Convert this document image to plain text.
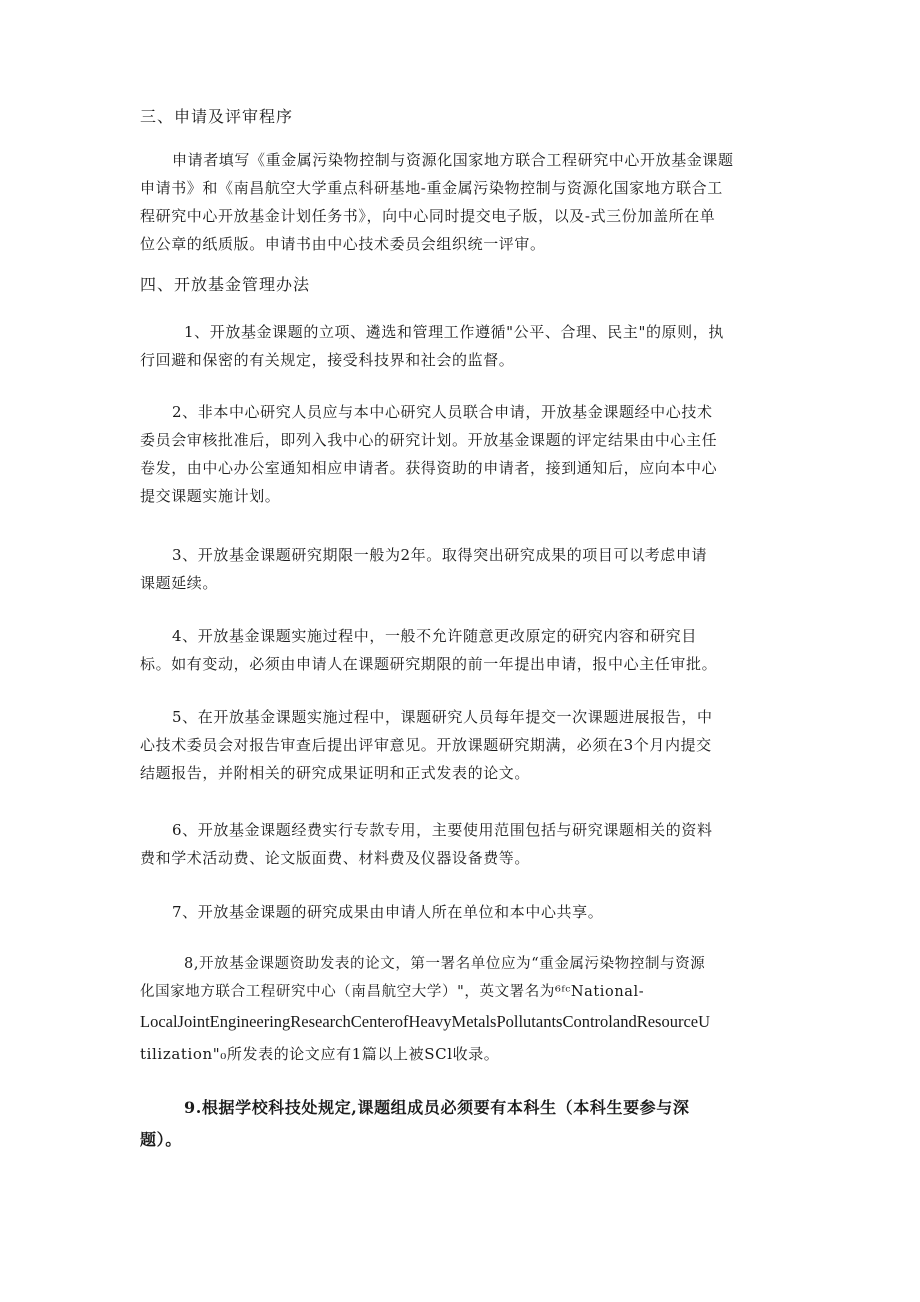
三、申请及评审程序

申请者填写《重金属污染物控制与资源化国家地方联合工程研究中心开放基金课题
申请书》和《南昌航空大学重点科研基地-重金属污染物控制与资源化国家地方联合工
程研究中心开放基金计划任务书》，向中心同时提交电子版，以及-式三份加盖所在单
位公章的纸质版。申请书由中心技术委员会组织统一评审。

四、开放基金管理办法

1、开放基金课题的立项、遴选和管理工作遵循"公平、合理、民主"的原则，执
行回避和保密的有关规定，接受科技界和社会的监督。

2、非本中心研究人员应与本中心研究人员联合申请，开放基金课题经中心技术
委员会审核批准后，即列入我中心的研究计划。开放基金课题的评定结果由中心主任
卷发，由中心办公室通知相应申请者。获得资助的申请者，接到通知后，应向本中心
提交课题实施计划。

3、开放基金课题研究期限一般为2年。取得突出研究成果的项目可以考虑申请
课题延续。

4、开放基金课题实施过程中，一般不允许随意更改原定的研究内容和研究目
标。如有变动，必须由申请人在课题研究期限的前一年提出申请，报中心主任审批。

5、在开放基金课题实施过程中，课题研究人员每年提交一次课题进展报告，中
心技术委员会对报告审查后提出评审意见。开放课题研究期满，必须在3个月内提交
结题报告，并附相关的研究成果证明和正式发表的论文。

6、开放基金课题经费实行专款专用，主要使用范围包括与研究课题相关的资料
费和学术活动费、论文版面费、材料费及仪器设备费等。

7、开放基金课题的研究成果由申请人所在单位和本中心共享。

8,开放基金课题资助发表的论文，第一署名单位应为“重金属污染物控制与资源
化国家地方联合工程研究中心（南昌航空大学）"，英文署名为⁶ᶠᶜNational-
LocalJointEngineeringResearchCenterofHeavyMetalsPollutantsControlandResourceU
tilization"₀所发表的论文应有1篇以上被SCl收录。

9.根据学校科技处规定,课题组成员必须要有本科生（本科生要参与深
题）。
